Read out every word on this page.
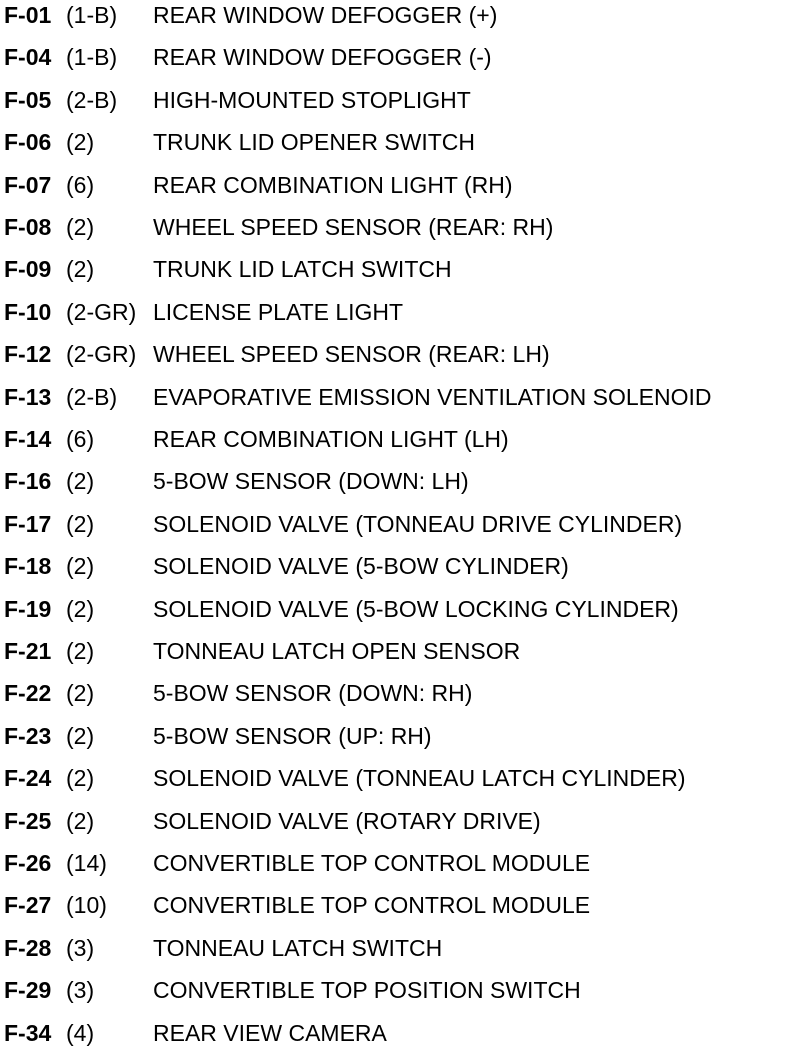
F-01 (1-B) REAR WINDOW DEFOGGER (+)
F-04 (1-B) REAR WINDOW DEFOGGER (-)
F-05 (2-B) HIGH-MOUNTED STOPLIGHT
F-06 (2)	TRUNK LID OPENER SWITCH
F-07 (6)	REAR COMBINATION LIGHT (RH)
F-08 (2)	WHEEL SPEED SENSOR (REAR: RH)
F-09 (2)	TRUNK LID LATCH SWITCH
F-10 (2-GR) LICENSE PLATE LIGHT
F-12 (2-GR) WHEEL SPEED SENSOR (REAR: LH)
F-13 (2-B) EVAPORATIVE EMISSION VENTILATION SOLENOID
F-14 (6)	REAR COMBINATION LIGHT (LH)
F-16 (2)	5-BOW SENSOR (DOWN: LH)
F-17 (2)	SOLENOID VALVE (TONNEAU DRIVE CYLINDER)
F-18 (2)	SOLENOID VALVE (5-BOW CYLINDER)
F-19 (2)	SOLENOID VALVE (5-BOW LOCKING CYLINDER)
F-21 (2)	TONNEAU LATCH OPEN SENSOR
F-22 (2)	5-BOW SENSOR (DOWN: RH)
F-23 (2)	5-BOW SENSOR (UP: RH)
F-24 (2)	SOLENOID VALVE (TONNEAU LATCH CYLINDER)
F-25 (2)	SOLENOID VALVE (ROTARY DRIVE)
F-26 (14) CONVERTIBLE TOP CONTROL MODULE
F-27 (10) CONVERTIBLE TOP CONTROL MODULE
F-28 (3)	TONNEAU LATCH SWITCH
F-29 (3)	CONVERTIBLE TOP POSITION SWITCH
F-34 (4)	REAR VIEW CAMERA
